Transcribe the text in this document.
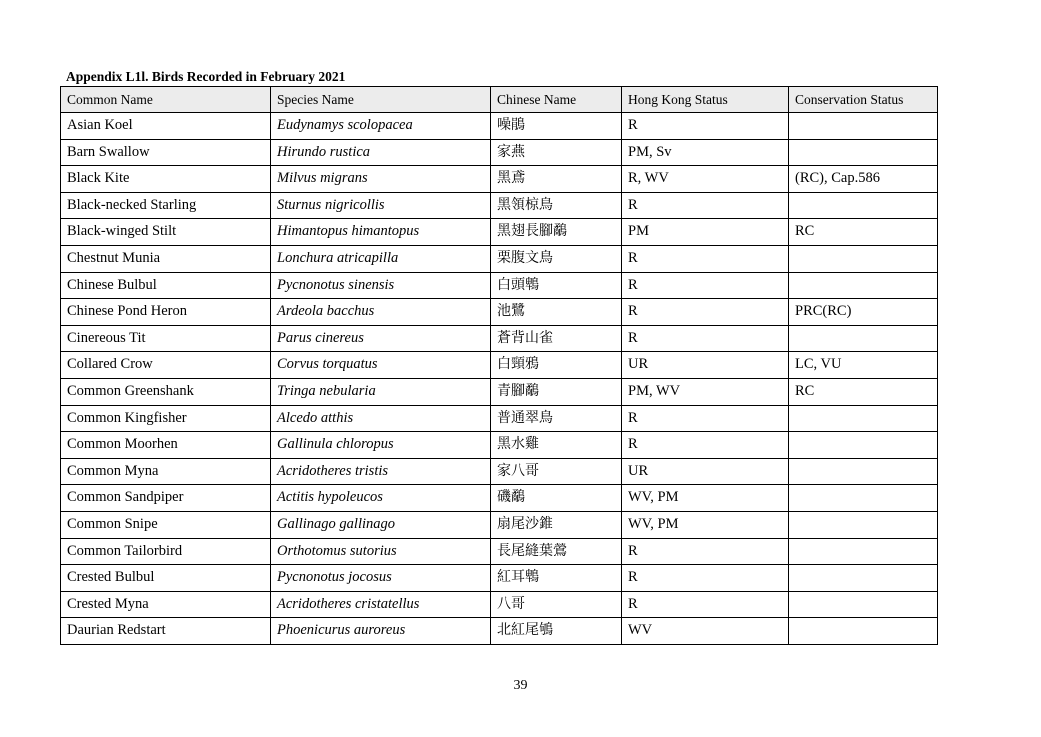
Appendix L1l. Birds Recorded in February 2021
Common Name	Species Name	Chinese Name	Hong Kong Status	Conservation Status
Asian Koel	Eudynamys scolopacea	噪鵑	R	
Barn Swallow	Hirundo rustica	家燕	PM, Sv	
Black Kite	Milvus migrans	黑鳶	R, WV	(RC), Cap.586
Black-necked Starling	Sturnus nigricollis	黑領椋鳥	R	
Black-winged Stilt	Himantopus himantopus	黑翅長腳鷸	PM	RC
Chestnut Munia	Lonchura atricapilla	栗腹文鳥	R	
Chinese Bulbul	Pycnonotus sinensis	白頭鵯	R	
Chinese Pond Heron	Ardeola bacchus	池鷺	R	PRC(RC)
Cinereous Tit	Parus cinereus	蒼背山雀	R	
Collared Crow	Corvus torquatus	白頸鴉	UR	LC, VU
Common Greenshank	Tringa nebularia	青腳鷸	PM, WV	RC
Common Kingfisher	Alcedo atthis	普通翠鳥	R	
Common Moorhen	Gallinula chloropus	黑水雞	R	
Common Myna	Acridotheres tristis	家八哥	UR	
Common Sandpiper	Actitis hypoleucos	磯鷸	WV, PM	
Common Snipe	Gallinago gallinago	扇尾沙錐	WV, PM	
Common Tailorbird	Orthotomus sutorius	長尾縫葉鶯	R	
Crested Bulbul	Pycnonotus jocosus	紅耳鵯	R	
Crested Myna	Acridotheres cristatellus	八哥	R	
Daurian Redstart	Phoenicurus auroreus	北紅尾鴝	WV	
39
